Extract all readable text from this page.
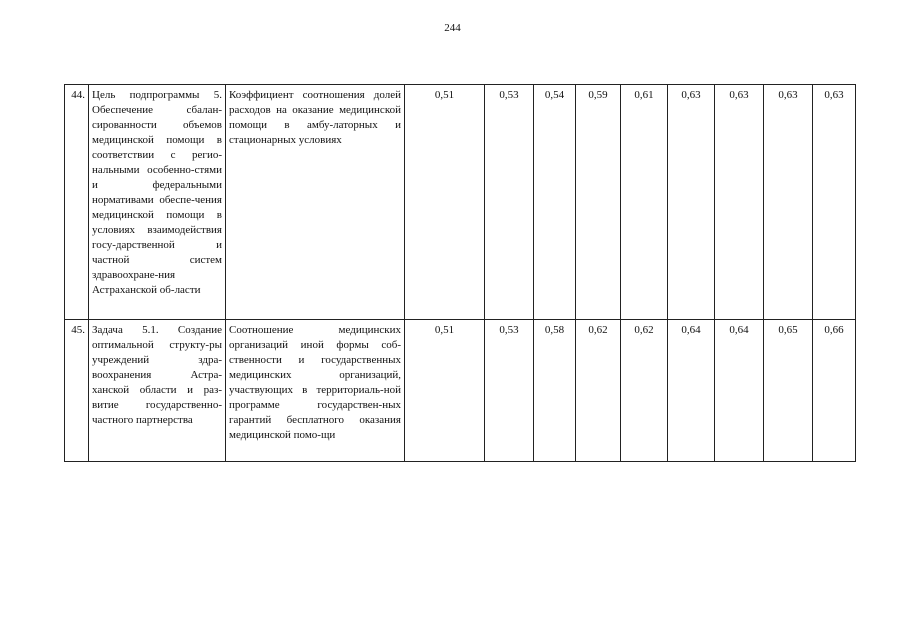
244
44.	Цель подпрограммы 5. Обеспечение сбалан-сированности объемов медицинской помощи в соответствии с регио-нальными особенно-стями и федеральными нормативами обеспе-чения медицинской помощи в условиях взаимодействия госу-дарственной и частной систем здравоохране-ния Астраханской об-ласти	Коэффициент соотношения долей расходов на оказание медицинской помощи в амбу-латорных и стационарных условиях	0,51	0,53	0,54	0,59	0,61	0,63	0,63	0,63	0,63
45.	Задача 5.1. Создание оптимальной структу-ры учреждений здра-воохранения Астра-ханской области и раз-витие государственно-частного партнерства	Соотношение медицинских организаций иной формы соб-ственности и государственных медицинских организаций, участвующих в территориаль-ной программе государствен-ных гарантий бесплатного оказания медицинской помо-щи	0,51	0,53	0,58	0,62	0,62	0,64	0,64	0,65	0,66
